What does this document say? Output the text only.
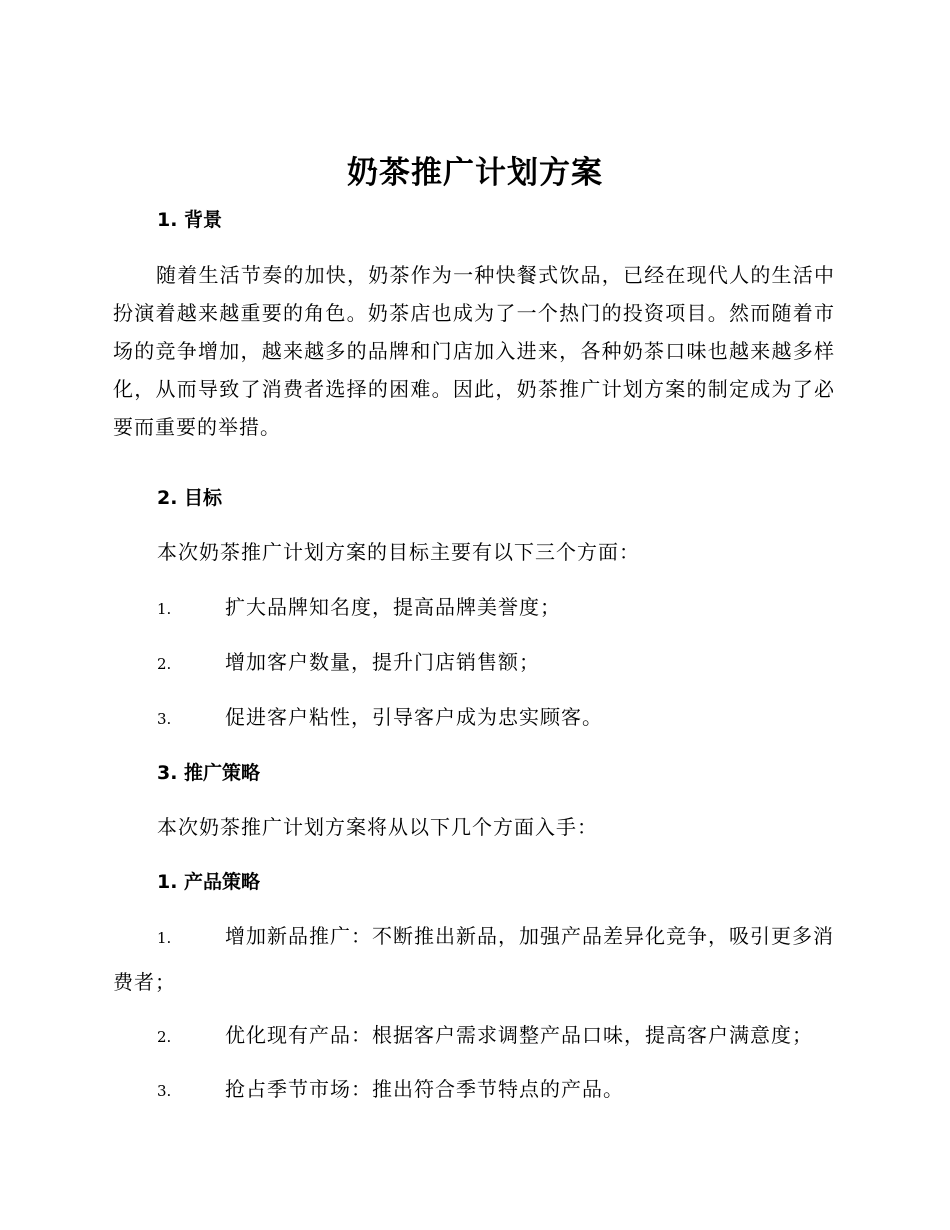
奶茶推广计划方案
1. 背景
随着生活节奏的加快，奶茶作为一种快餐式饮品，已经在现代人的生活中扮演着越来越重要的角色。奶茶店也成为了一个热门的投资项目。然而随着市场的竞争增加，越来越多的品牌和门店加入进来，各种奶茶口味也越来越多样化，从而导致了消费者选择的困难。因此，奶茶推广计划方案的制定成为了必要而重要的举措。
2. 目标
本次奶茶推广计划方案的目标主要有以下三个方面：
1.	扩大品牌知名度，提高品牌美誉度；
2.	增加客户数量，提升门店销售额；
3.	促进客户粘性，引导客户成为忠实顾客。
3. 推广策略
本次奶茶推广计划方案将从以下几个方面入手：
1. 产品策略
1.	增加新品推广：不断推出新品，加强产品差异化竞争，吸引更多消费者；
2.	优化现有产品：根据客户需求调整产品口味，提高客户满意度；
3.	抢占季节市场：推出符合季节特点的产品。
